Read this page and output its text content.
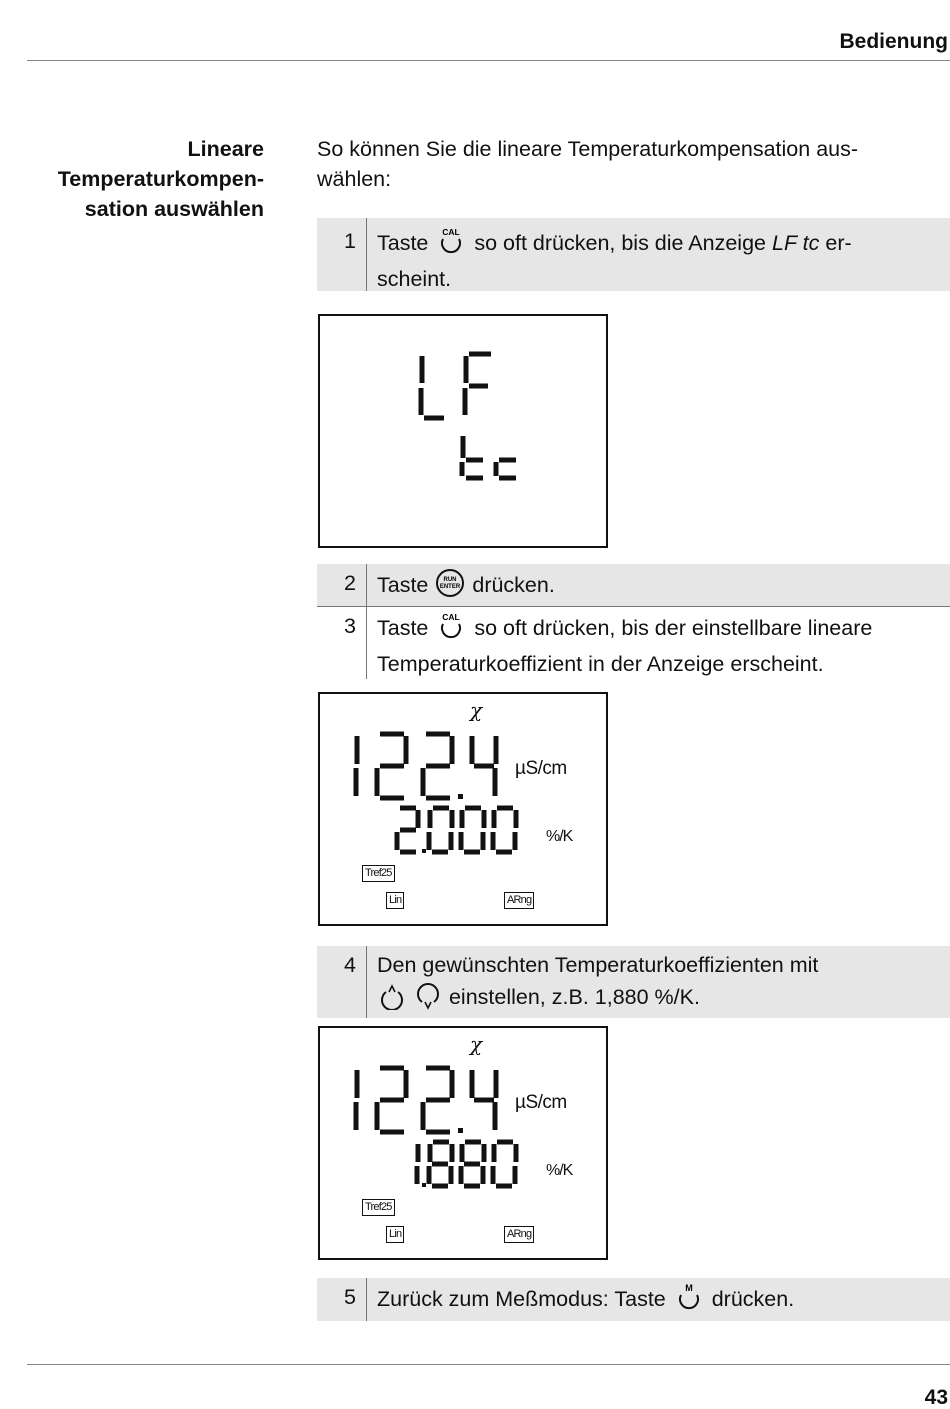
Bedienung
Lineare
Temperaturkompen-
sation auswählen
So können Sie die lineare Temperaturkompensation aus-
wählen:
1 Taste CAL so oft drücken, bis die Anzeige LF tc er-
scheint.
2 Taste	RUN
ENTER drücken.
3 Taste CAL so oft drücken, bis der einstellbare lineare
Temperaturkoeffizient in der Anzeige erscheint.
χ
µS/cm
%/K
Tref25
Lin	ARng
4 Den gewünschten Temperaturkoeffizienten mit
einstellen, z.B. 1,880 %/K.
χ
µS/cm
%/K
Tref25
Lin	ARng
5 Zurück zum Meßmodus: Taste M drücken.
43
